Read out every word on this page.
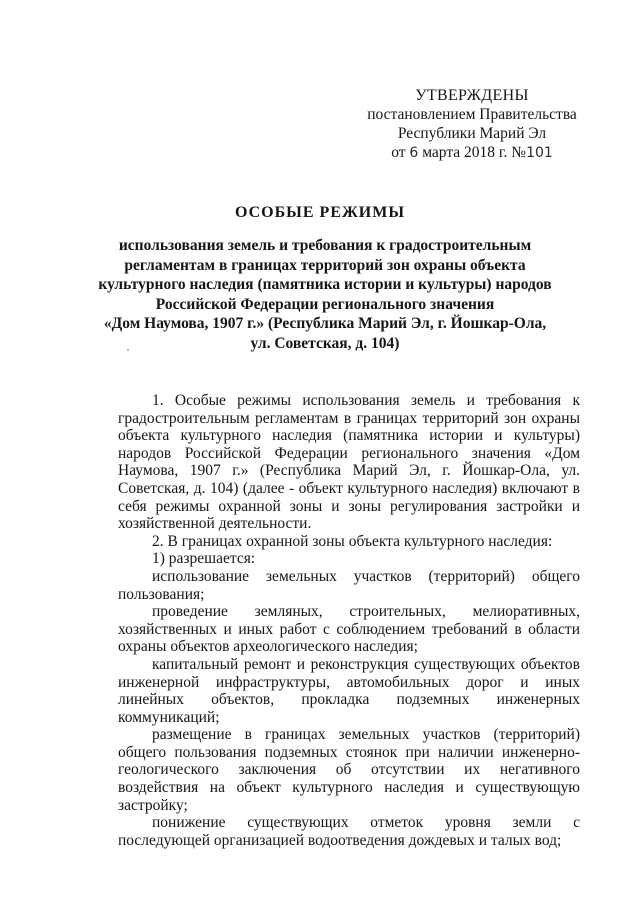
УТВЕРЖДЕНЫ
постановлением Правительства
Республики Марий Эл
от 6 марта 2018 г. №101
ОСОБЫЕ РЕЖИМЫ
использования земель и требования к градостроительным
регламентам в границах территорий зон охраны объекта
культурного наследия (памятника истории и культуры) народов
Российской Федерации регионального значения
«Дом Наумова, 1907 г.» (Республика Марий Эл, г. Йошкар-Ола,
ул. Советская, д. 104)

1. Особые режимы использования земель и требования к градостроительным регламентам в границах территорий зон охраны объекта культурного наследия (памятника истории и культуры) народов Российской Федерации регионального значения «Дом Наумова, 1907 г.» (Республика Марий Эл, г. Йошкар-Ола, ул. Советская, д. 104) (далее - объект культурного наследия) включают в себя режимы охранной зоны и зоны регулирования застройки и хозяйственной деятельности.

2. В границах охранной зоны объекта культурного наследия:

1) разрешается:

использование земельных участков (территорий) общего пользования;

проведение земляных, строительных, мелиоративных, хозяйственных и иных работ с соблюдением требований в области охраны объектов археологического наследия;

капитальный ремонт и реконструкция существующих объектов инженерной инфраструктуры, автомобильных дорог и иных линейных объектов, прокладка подземных инженерных коммуникаций;

размещение в границах земельных участков (территорий) общего пользования подземных стоянок при наличии инженерно-геологического заключения об отсутствии их негативного воздействия на объект культурного наследия и существующую застройку;

понижение существующих отметок уровня земли с последующей организацией водоотведения дождевых и талых вод;
